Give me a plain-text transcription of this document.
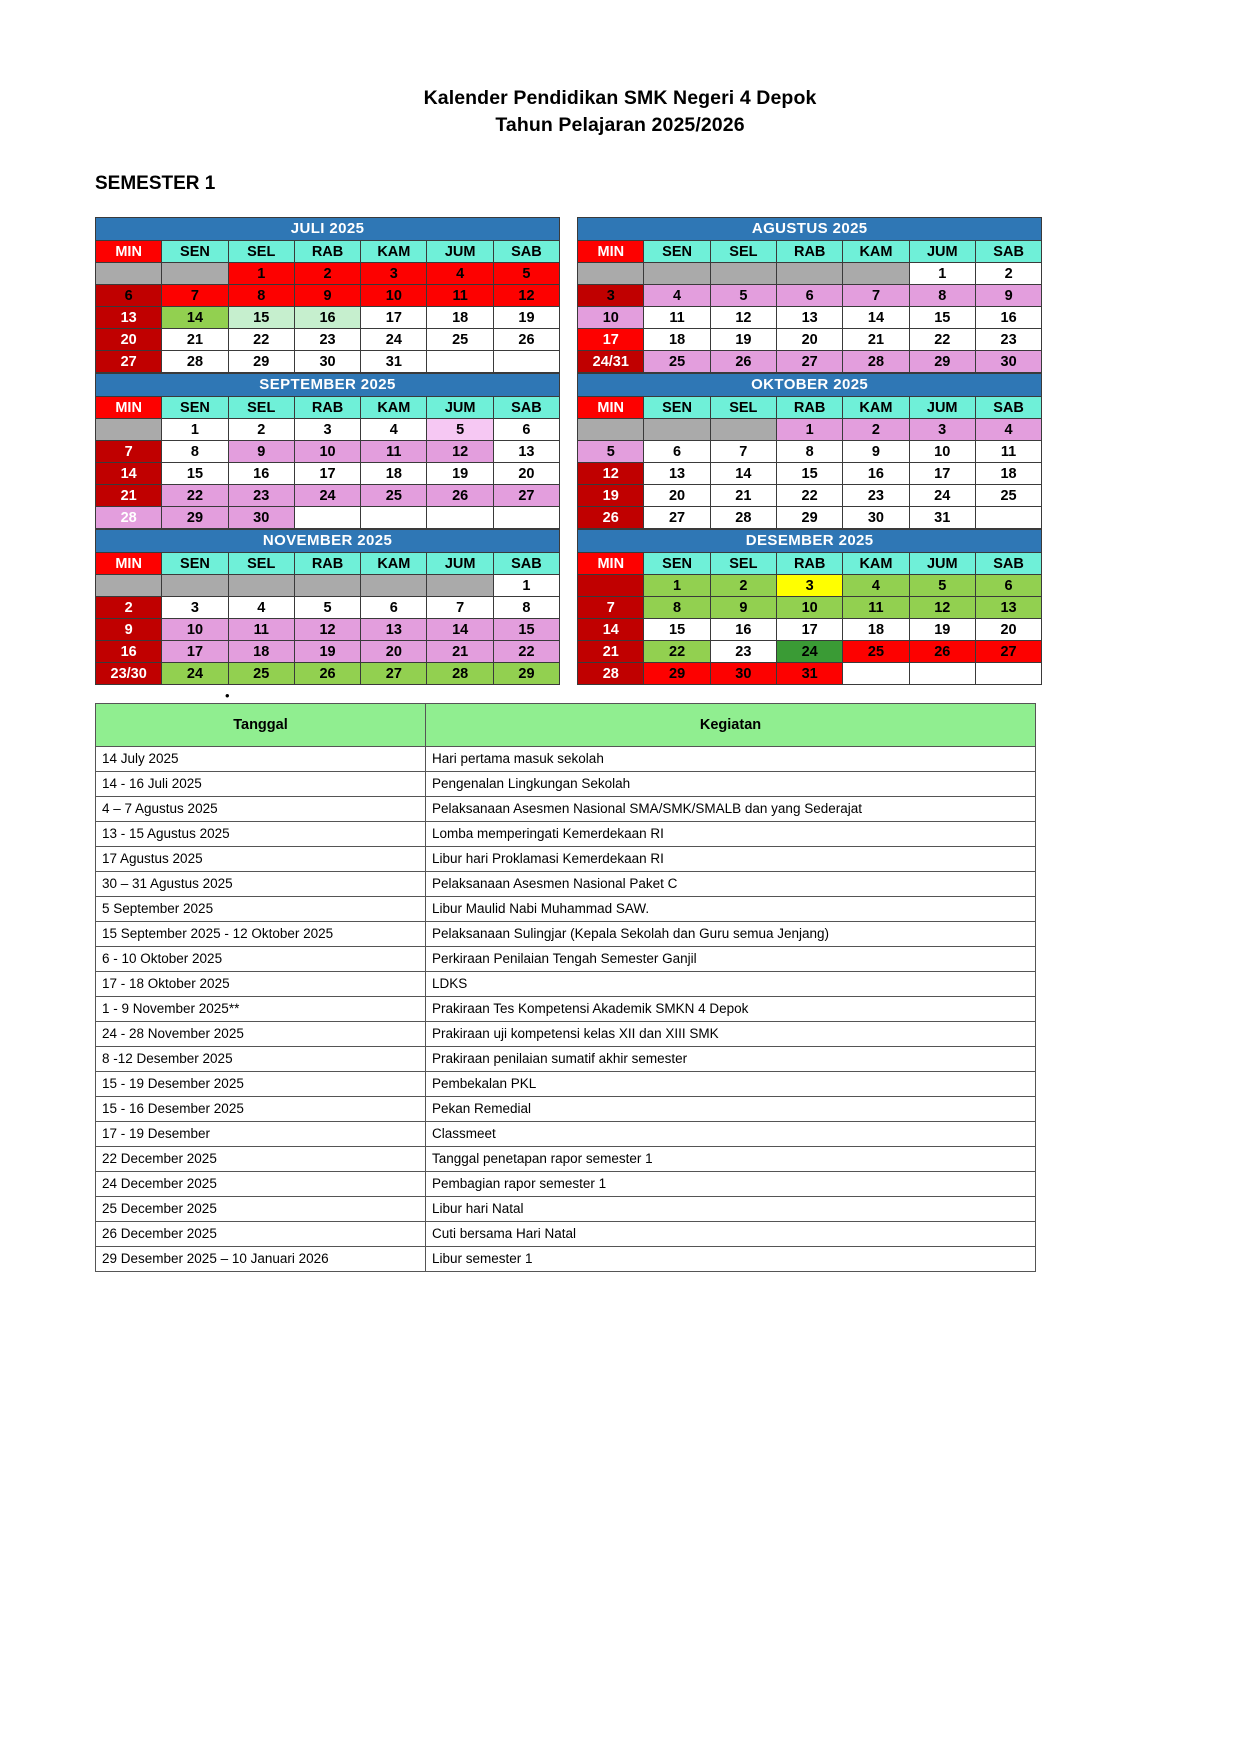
Kalender Pendidikan SMK Negeri 4 Depok
Tahun Pelajaran 2025/2026
SEMESTER 1
JULI 2025						
MIN	SEN	SEL	RAB	KAM	JUM	SAB
		1	2	3	4	5
6	7	8	9	10	11	12
13	14	15	16	17	18	19
20	21	22	23	24	25	26
27	28	29	30	31		
AGUSTUS 2025						
MIN	SEN	SEL	RAB	KAM	JUM	SAB
					1	2
3	4	5	6	7	8	9
10	11	12	13	14	15	16
17	18	19	20	21	22	23
24/31	25	26	27	28	29	30
SEPTEMBER 2025						
MIN	SEN	SEL	RAB	KAM	JUM	SAB
	1	2	3	4	5	6
7	8	9	10	11	12	13
14	15	16	17	18	19	20
21	22	23	24	25	26	27
28	29	30				
OKTOBER 2025						
MIN	SEN	SEL	RAB	KAM	JUM	SAB
			1	2	3	4
5	6	7	8	9	10	11
12	13	14	15	16	17	18
19	20	21	22	23	24	25
26	27	28	29	30	31	
NOVEMBER 2025						
MIN	SEN	SEL	RAB	KAM	JUM	SAB
						1
2	3	4	5	6	7	8
9	10	11	12	13	14	15
16	17	18	19	20	21	22
23/30	24	25	26	27	28	29
DESEMBER 2025						
MIN	SEN	SEL	RAB	KAM	JUM	SAB
	1	2	3	4	5	6
7	8	9	10	11	12	13
14	15	16	17	18	19	20
21	22	23	24	25	26	27
28	29	30	31			
•
Tanggal	Kegiatan
14 July 2025	Hari pertama masuk sekolah
14 - 16 Juli 2025	Pengenalan Lingkungan Sekolah
4 – 7 Agustus 2025	Pelaksanaan Asesmen Nasional SMA/SMK/SMALB dan yang Sederajat
13 - 15 Agustus 2025	Lomba memperingati Kemerdekaan RI
17 Agustus 2025	Libur hari Proklamasi Kemerdekaan RI
30 – 31 Agustus 2025	Pelaksanaan Asesmen Nasional Paket C
5 September 2025	Libur Maulid Nabi Muhammad SAW.
15 September 2025 - 12 Oktober 2025	Pelaksanaan Sulingjar (Kepala Sekolah dan Guru semua Jenjang)
6 - 10 Oktober 2025	Perkiraan Penilaian Tengah Semester Ganjil
17 - 18 Oktober 2025	LDKS
1 - 9 November 2025**	Prakiraan Tes Kompetensi Akademik SMKN 4 Depok
24 - 28 November 2025	Prakiraan uji kompetensi kelas XII dan XIII SMK
8 -12 Desember 2025	Prakiraan penilaian sumatif akhir semester
15 - 19 Desember 2025	Pembekalan PKL
15 - 16 Desember 2025	Pekan Remedial
17 - 19 Desember	Classmeet
22 December 2025	Tanggal penetapan rapor semester 1
24 December 2025	Pembagian rapor semester 1
25 December 2025	Libur hari Natal
26 December 2025	Cuti bersama Hari Natal
29 Desember 2025 – 10 Januari 2026	Libur semester 1
